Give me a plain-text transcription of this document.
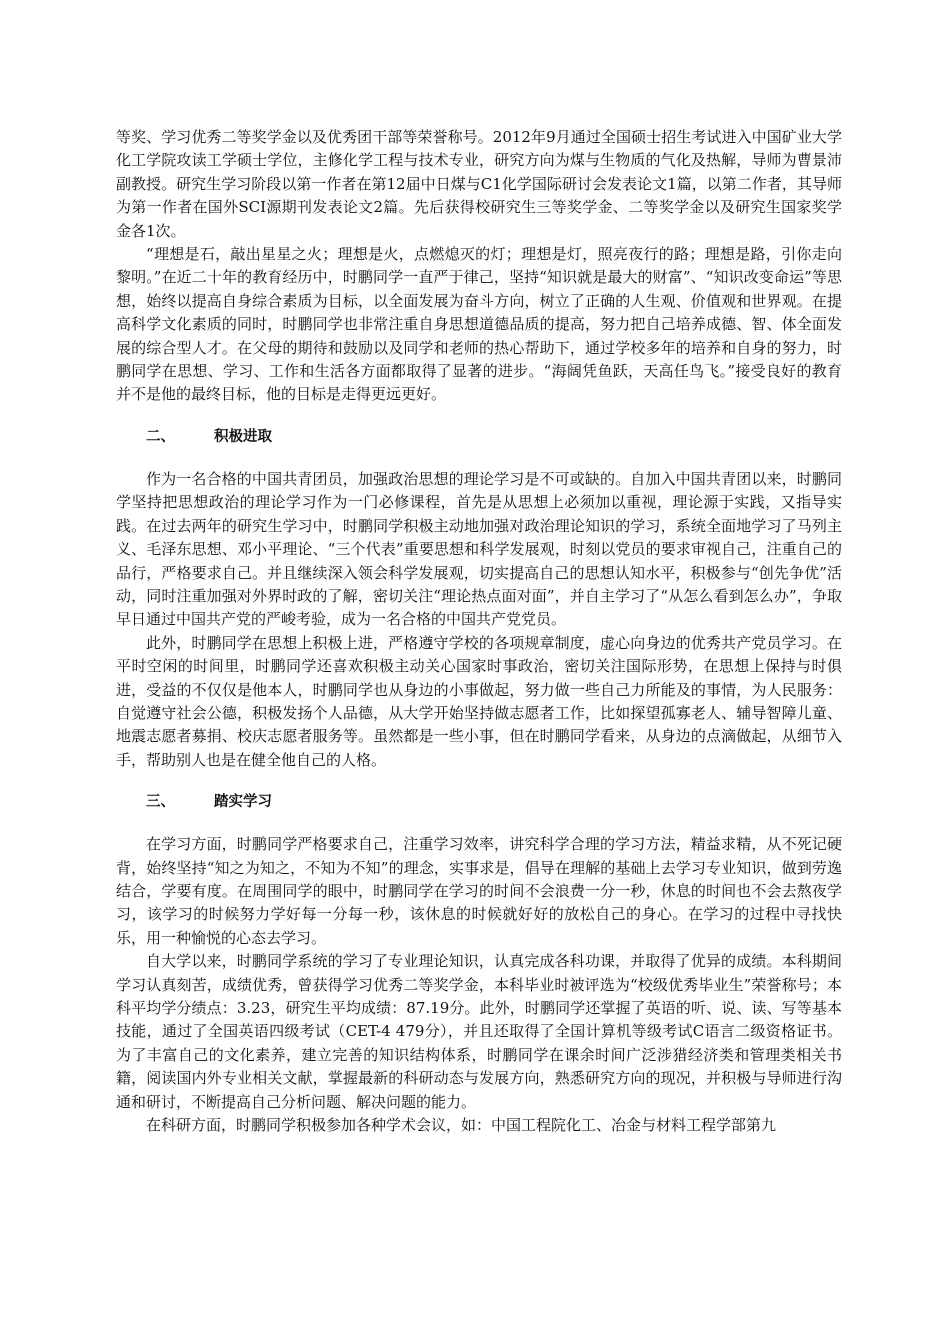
等奖、学习优秀二等奖学金以及优秀团干部等荣誉称号。2012年9月通过全国硕士招生考试进入中国矿业大学化工学院攻读工学硕士学位，主修化学工程与技术专业，研究方向为煤与生物质的气化及热解，导师为曹景沛副教授。研究生学习阶段以第一作者在第12届中日煤与C1化学国际研讨会发表论文1篇，以第二作者，其导师为第一作者在国外SCI源期刊发表论文2篇。先后获得校研究生三等奖学金、二等奖学金以及研究生国家奖学金各1次。

“理想是石，敲出星星之火；理想是火，点燃熄灭的灯；理想是灯，照亮夜行的路；理想是路，引你走向黎明。”在近二十年的教育经历中，时鹏同学一直严于律己，坚持“知识就是最大的财富”、“知识改变命运”等思想，始终以提高自身综合素质为目标，以全面发展为奋斗方向，树立了正确的人生观、价值观和世界观。在提高科学文化素质的同时，时鹏同学也非常注重自身思想道德品质的提高，努力把自己培养成德、智、体全面发展的综合型人才。在父母的期待和鼓励以及同学和老师的热心帮助下，通过学校多年的培养和自身的努力，时鹏同学在思想、学习、工作和生活各方面都取得了显著的进步。“海阔凭鱼跃，天高任鸟飞。”接受良好的教育并不是他的最终目标，他的目标是走得更远更好。

二、	积极进取

作为一名合格的中国共青团员，加强政治思想的理论学习是不可或缺的。自加入中国共青团以来，时鹏同学坚持把思想政治的理论学习作为一门必修课程，首先是从思想上必须加以重视，理论源于实践，又指导实践。在过去两年的研究生学习中，时鹏同学积极主动地加强对政治理论知识的学习，系统全面地学习了马列主义、毛泽东思想、邓小平理论、“三个代表”重要思想和科学发展观，时刻以党员的要求审视自己，注重自己的品行，严格要求自己。并且继续深入领会科学发展观，切实提高自己的思想认知水平，积极参与“创先争优”活动，同时注重加强对外界时政的了解，密切关注“理论热点面对面”，并自主学习了“从怎么看到怎么办”，争取早日通过中国共产党的严峻考验，成为一名合格的中国共产党党员。

此外，时鹏同学在思想上积极上进，严格遵守学校的各项规章制度，虚心向身边的优秀共产党员学习。在平时空闲的时间里，时鹏同学还喜欢积极主动关心国家时事政治，密切关注国际形势，在思想上保持与时俱进，受益的不仅仅是他本人，时鹏同学也从身边的小事做起，努力做一些自己力所能及的事情，为人民服务：自觉遵守社会公德，积极发扬个人品德，从大学开始坚持做志愿者工作，比如探望孤寡老人、辅导智障儿童、地震志愿者募捐、校庆志愿者服务等。虽然都是一些小事，但在时鹏同学看来，从身边的点滴做起，从细节入手，帮助别人也是在健全他自己的人格。

三、	踏实学习

在学习方面，时鹏同学严格要求自己，注重学习效率，讲究科学合理的学习方法，精益求精，从不死记硬背，始终坚持“知之为知之，不知为不知”的理念，实事求是，倡导在理解的基础上去学习专业知识，做到劳逸结合，学要有度。在周围同学的眼中，时鹏同学在学习的时间不会浪费一分一秒，休息的时间也不会去熬夜学习，该学习的时候努力学好每一分每一秒，该休息的时候就好好的放松自己的身心。在学习的过程中寻找快乐，用一种愉悦的心态去学习。

自大学以来，时鹏同学系统的学习了专业理论知识，认真完成各科功课，并取得了优异的成绩。本科期间学习认真刻苦，成绩优秀，曾获得学习优秀二等奖学金，本科毕业时被评选为“校级优秀毕业生”荣誉称号；本科平均学分绩点：3.23，研究生平均成绩：87.19分。此外，时鹏同学还掌握了英语的听、说、读、写等基本技能，通过了全国英语四级考试（CET-4 479分），并且还取得了全国计算机等级考试C语言二级资格证书。为了丰富自己的文化素养，建立完善的知识结构体系，时鹏同学在课余时间广泛涉猎经济类和管理类相关书籍，阅读国内外专业相关文献，掌握最新的科研动态与发展方向，熟悉研究方向的现况，并积极与导师进行沟通和研讨，不断提高自己分析问题、解决问题的能力。

在科研方面，时鹏同学积极参加各种学术会议，如：中国工程院化工、冶金与材料工程学部第九
